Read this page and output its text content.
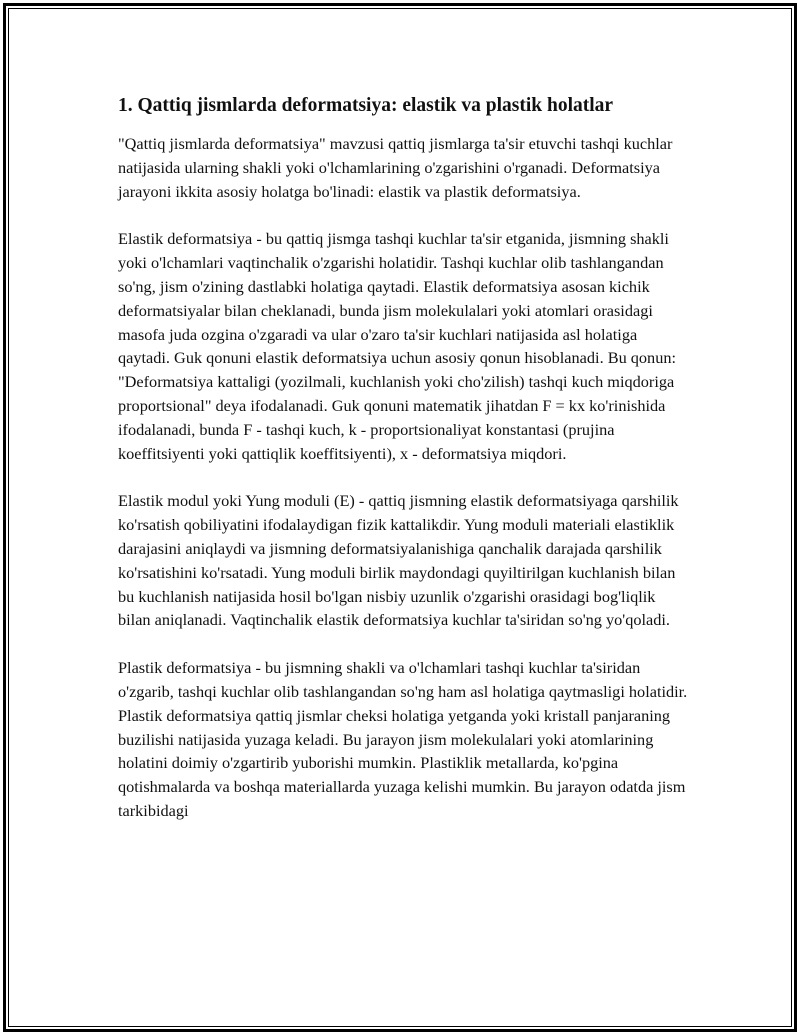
1. Qattiq jismlarda deformatsiya: elastik va plastik holatlar

"Qattiq jismlarda deformatsiya" mavzusi qattiq jismlarga ta'sir etuvchi tashqi kuchlar natijasida ularning shakli yoki o'lchamlarining o'zgarishini o'rganadi. Deformatsiya jarayoni ikkita asosiy holatga bo'linadi: elastik va plastik deformatsiya.

Elastik deformatsiya - bu qattiq jismga tashqi kuchlar ta'sir etganida, jismning shakli yoki o'lchamlari vaqtinchalik o'zgarishi holatidir. Tashqi kuchlar olib tashlangandan so'ng, jism o'zining dastlabki holatiga qaytadi. Elastik deformatsiya asosan kichik deformatsiyalar bilan cheklanadi, bunda jism molekulalari yoki atomlari orasidagi masofa juda ozgina o'zgaradi va ular o'zaro ta'sir kuchlari natijasida asl holatiga qaytadi. Guk qonuni elastik deformatsiya uchun asosiy qonun hisoblanadi. Bu qonun: "Deformatsiya kattaligi (yozilmali, kuchlanish yoki cho'zilish) tashqi kuch miqdoriga proportsional" deya ifodalanadi. Guk qonuni matematik jihatdan F = kx ko'rinishida ifodalanadi, bunda F - tashqi kuch, k - proportsionaliyat konstantasi (prujina koeffitsiyenti yoki qattiqlik koeffitsiyenti), x - deformatsiya miqdori.

Elastik modul yoki Yung moduli (E) - qattiq jismning elastik deformatsiyaga qarshilik ko'rsatish qobiliyatini ifodalaydigan fizik kattalikdir. Yung moduli materiali elastiklik darajasini aniqlaydi va jismning deformatsiyalanishiga qanchalik darajada qarshilik ko'rsatishini ko'rsatadi. Yung moduli birlik maydondagi quyiltirilgan kuchlanish bilan bu kuchlanish natijasida hosil bo'lgan nisbiy uzunlik o'zgarishi orasidagi bog'liqlik bilan aniqlanadi. Vaqtinchalik elastik deformatsiya kuchlar ta'siridan so'ng yo'qoladi.

Plastik deformatsiya - bu jismning shakli va o'lchamlari tashqi kuchlar ta'siridan o'zgarib, tashqi kuchlar olib tashlangandan so'ng ham asl holatiga qaytmasligi holatidir. Plastik deformatsiya qattiq jismlar cheksi holatiga yetganda yoki kristall panjaraning buzilishi natijasida yuzaga keladi. Bu jarayon jism molekulalari yoki atomlarining holatini doimiy o'zgartirib yuborishi mumkin. Plastiklik metallarda, ko'pgina qotishmalarda va boshqa materiallarda yuzaga kelishi mumkin. Bu jarayon odatda jism tarkibidagi
